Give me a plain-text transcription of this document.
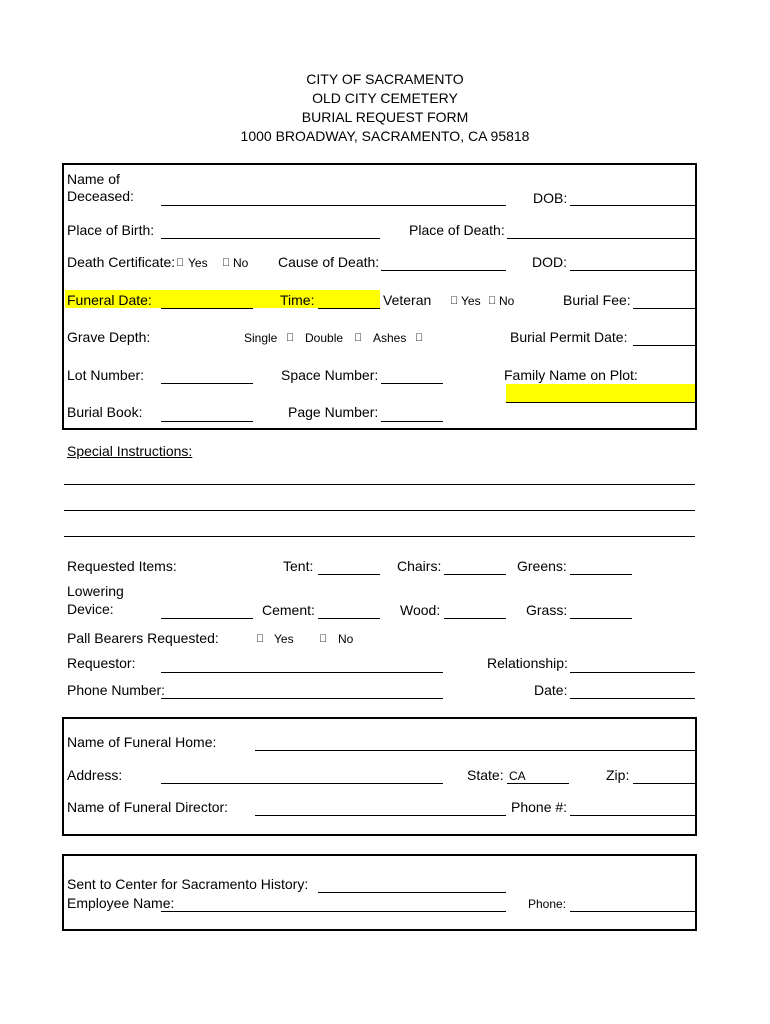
CITY OF SACRAMENTO
OLD CITY CEMETERY
BURIAL REQUEST FORM
1000 BROADWAY, SACRAMENTO, CA 95818
Name of
Deceased:	DOB:
Place of Birth:	Place of Death:
Death Certificate: Yes No Cause of Death:	DOD:
Funeral Date:	Time:	Veteran Yes No	Burial Fee:
Grave Depth:	Single Double Ashes	Burial Permit Date:
Lot Number:	Space Number:	Family Name on Plot:
Burial Book:	Page Number:
Special Instructions:
Requested Items:	Tent:	Chairs:	Greens:
Lowering
Device:	Cement:	Wood:	Grass:
Pall Bearers Requested:	Yes	No
Requestor:	Relationship:
Phone Number:	Date:
Name of Funeral Home:
Address:	State: CA	Zip:
Name of Funeral Director:	Phone #:
Sent to Center for Sacramento History:
Employee Name:	Phone:
